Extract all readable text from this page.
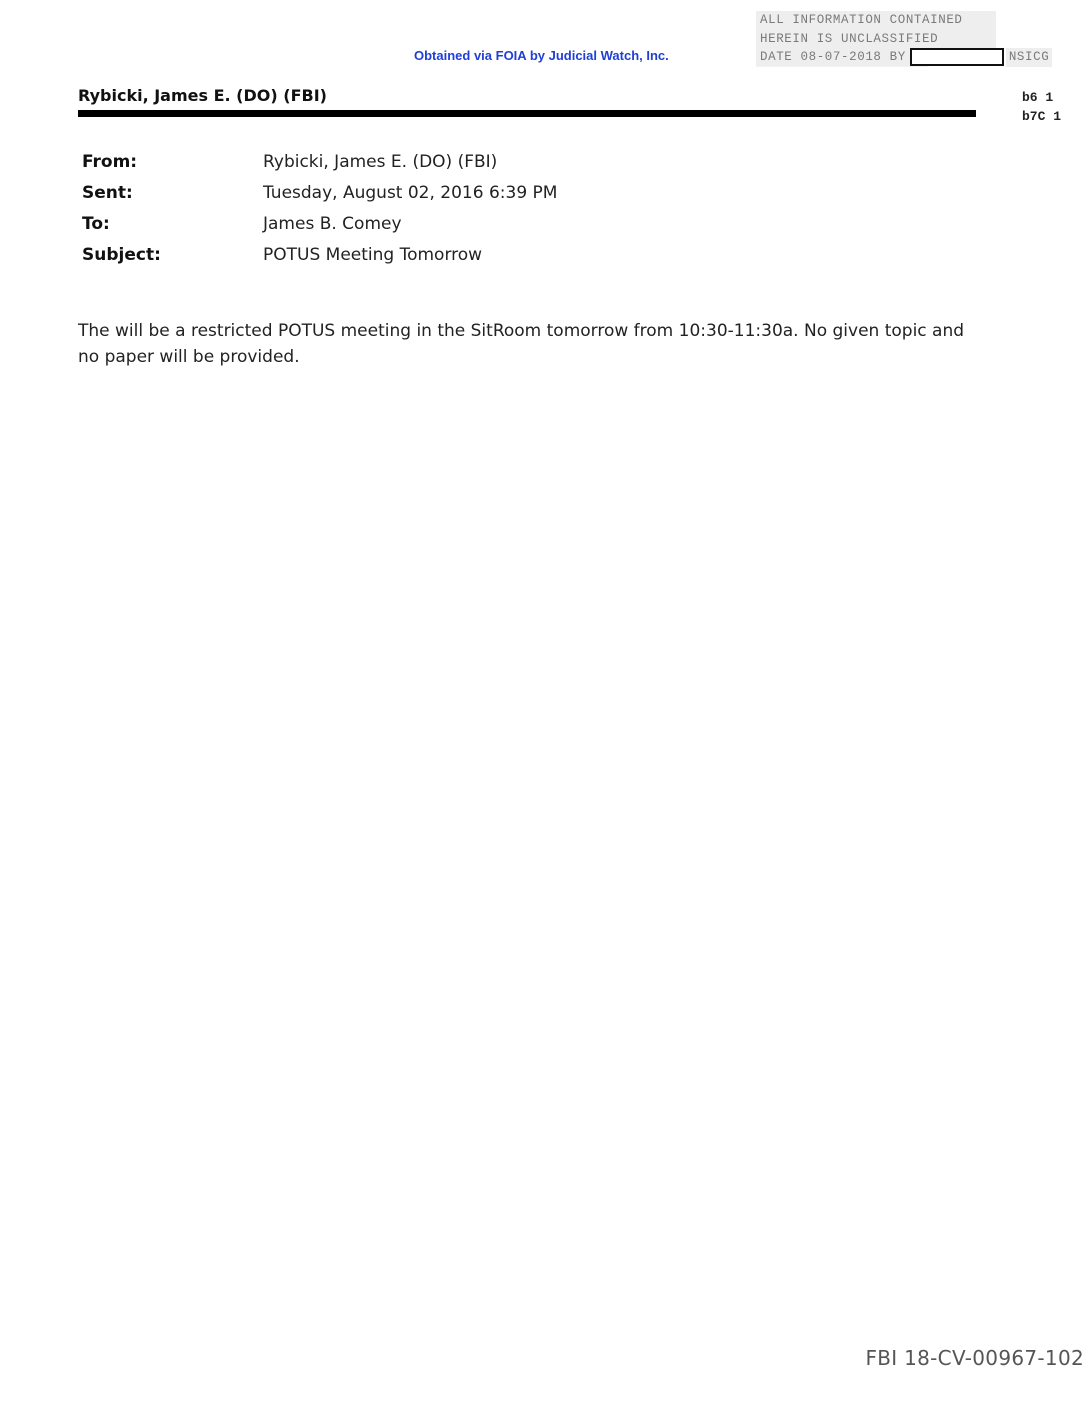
Obtained via FOIA by Judicial Watch, Inc.
ALL INFORMATION CONTAINED
HEREIN IS UNCLASSIFIED
DATE 08-07-2018 BY	NSICG
b6 1
b7C 1
Rybicki, James E. (DO) (FBI)
From:	Rybicki, James E. (DO) (FBI)
Sent:	Tuesday, August 02, 2016 6:39 PM
To:	James B. Comey
Subject:	POTUS Meeting Tomorrow

The will be a restricted POTUS meeting in the SitRoom tomorrow from 10:30-11:30a. No given topic and no paper will be provided.

FBI 18-CV-00967-102
